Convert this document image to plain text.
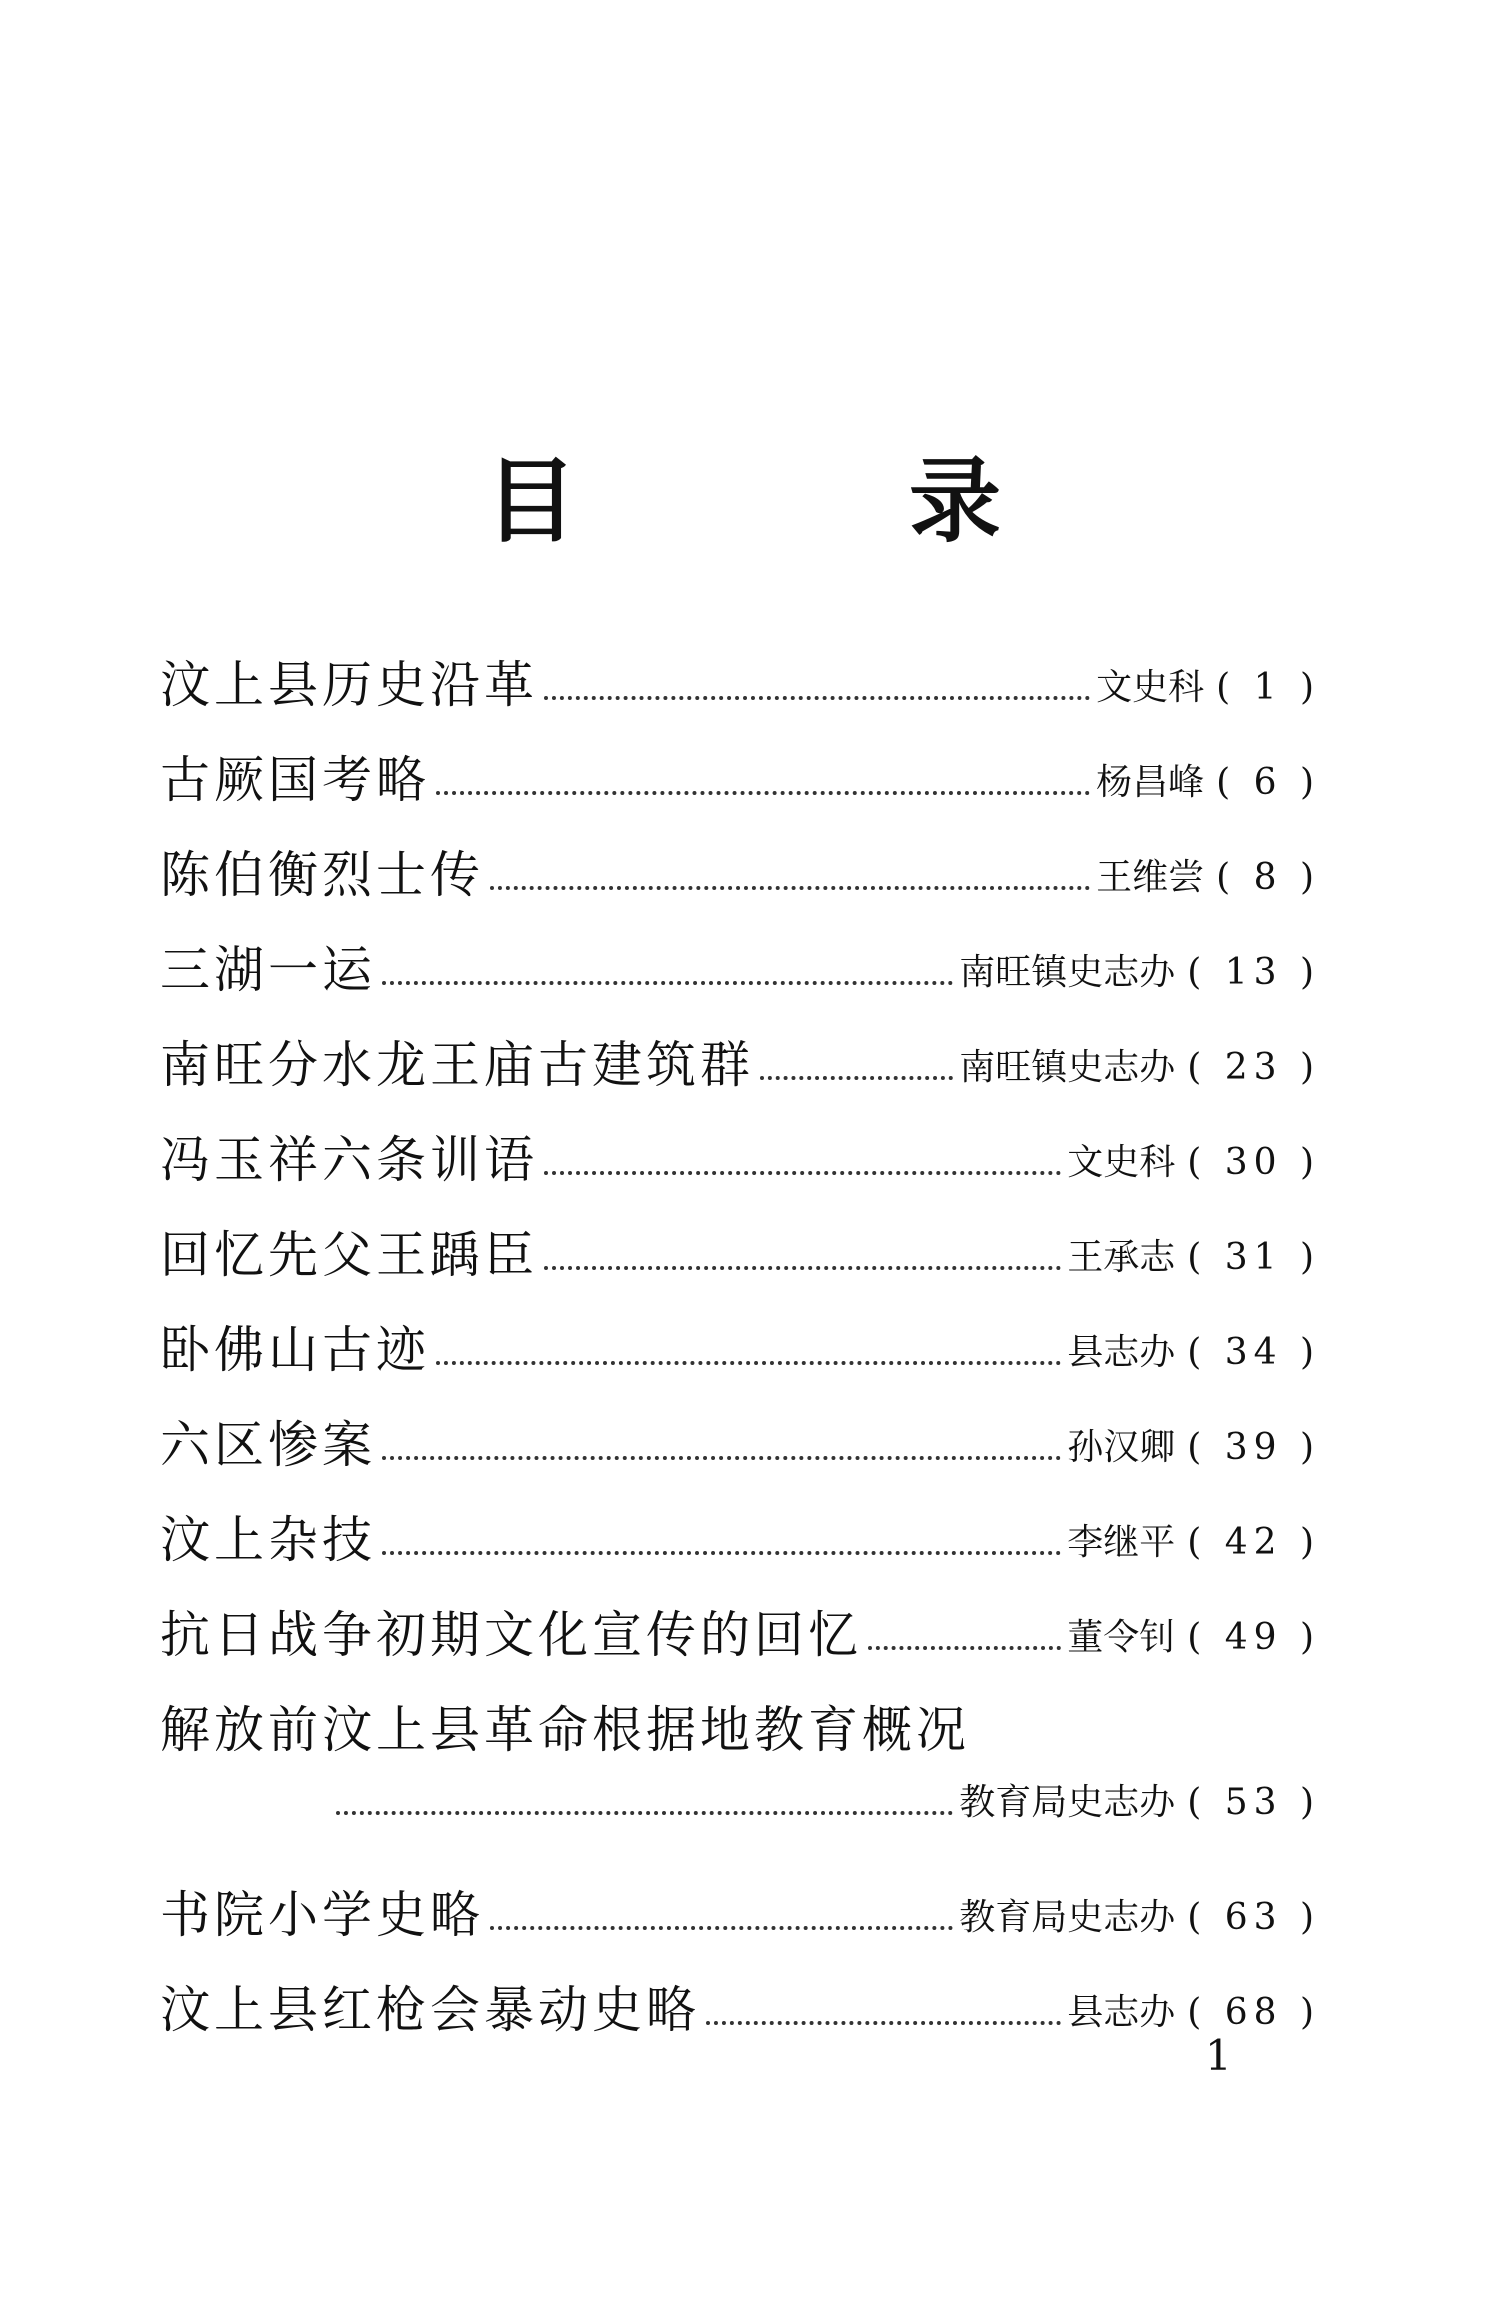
目 录
汶上县历史沿革	文史科 ( 1 )
古厥国考略	杨昌峰 ( 6 )
陈伯衡烈士传	王维尝 ( 8 )
三湖一运	南旺镇史志办 ( 13 )
南旺分水龙王庙古建筑群	南旺镇史志办 ( 23 )
冯玉祥六条训语	文史科 ( 30 )
回忆先父王踽臣	王承志 ( 31 )
卧佛山古迹	县志办 ( 34 )
六区惨案	孙汉卿 ( 39 )
汶上杂技	李继平 ( 42 )
抗日战争初期文化宣传的回忆	董令钊 ( 49 )
解放前汶上县革命根据地教育概况
教育局史志办 ( 53 )
书院小学史略	教育局史志办 ( 63 )
汶上县红枪会暴动史略	县志办 ( 68 )
1
